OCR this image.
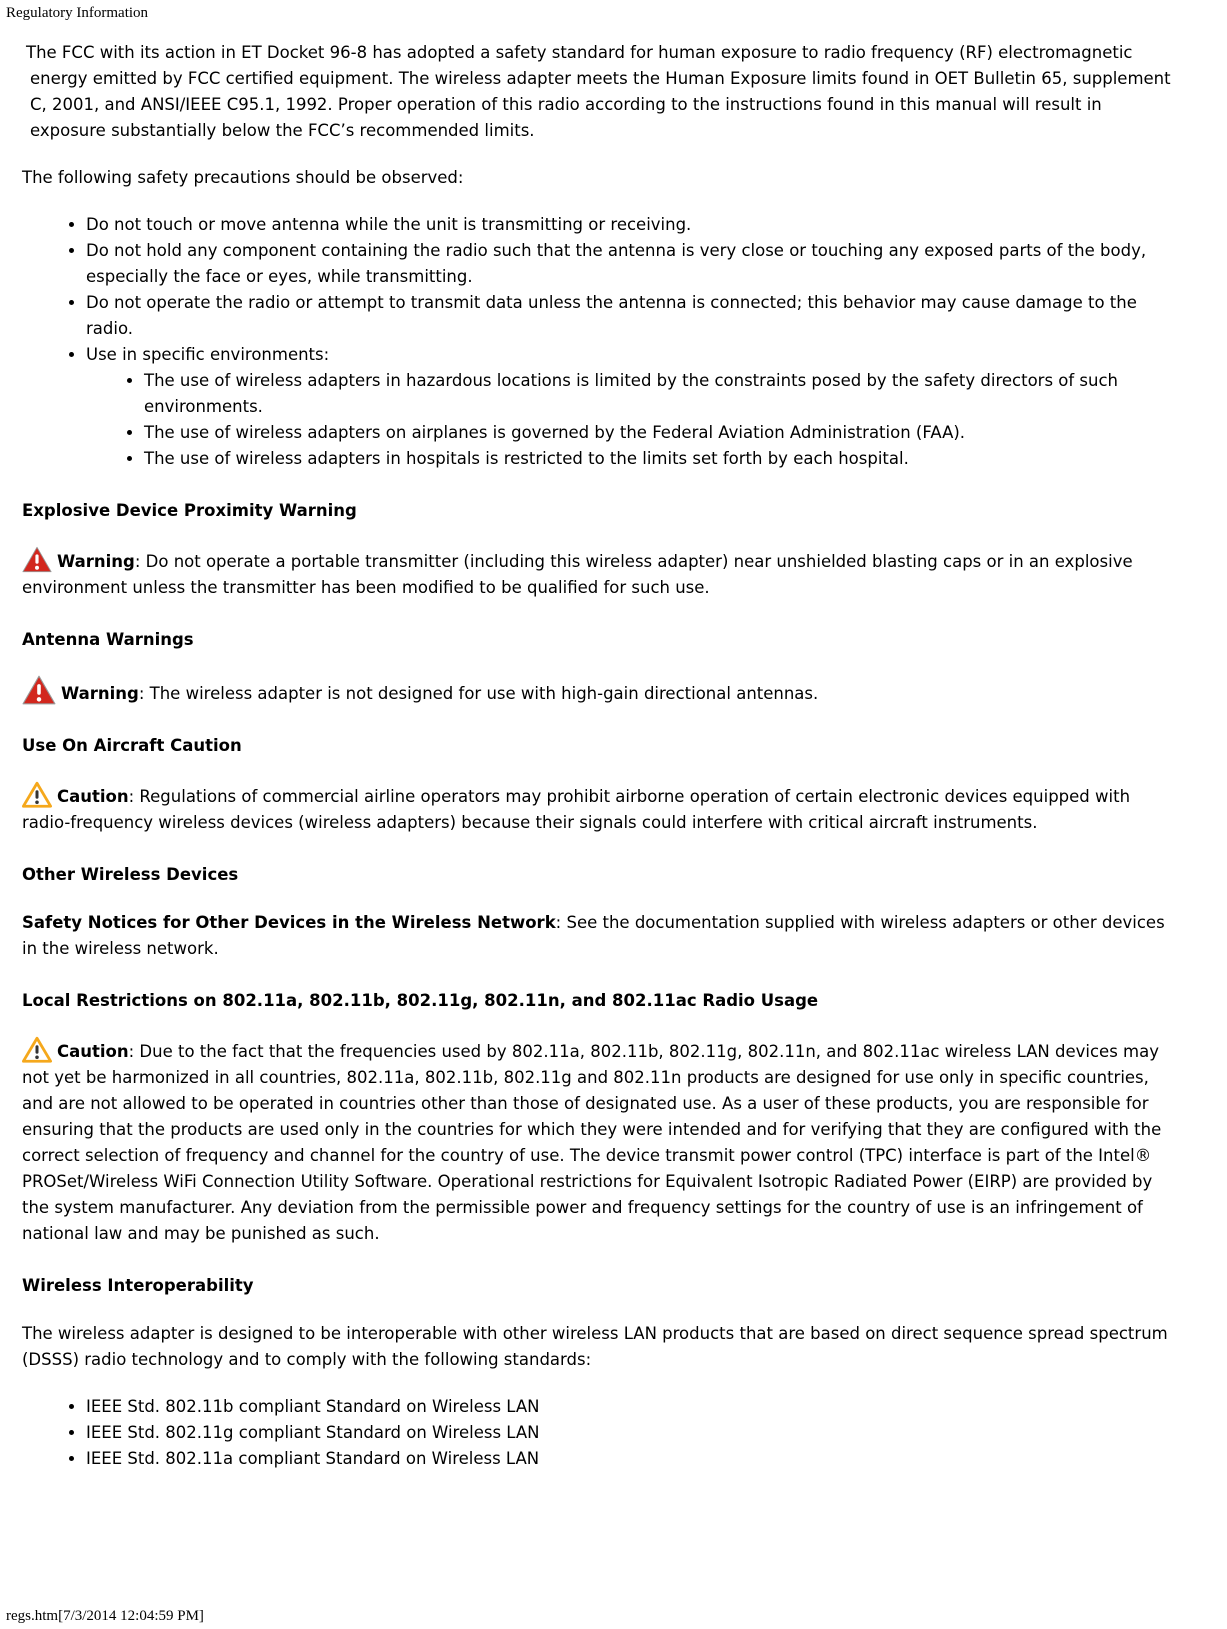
Regulatory Information

The FCC with its action in ET Docket 96-8 has adopted a safety standard for human exposure to radio frequency (RF) electromagnetic energy emitted by FCC certified equipment. The wireless adapter meets the Human Exposure limits found in OET Bulletin 65, supplement C, 2001, and ANSI/IEEE C95.1, 1992. Proper operation of this radio according to the instructions found in this manual will result in exposure substantially below the FCC’s recommended limits.

The following safety precautions should be observed:

• Do not touch or move antenna while the unit is transmitting or receiving.
• Do not hold any component containing the radio such that the antenna is very close or touching any exposed parts of the body, especially the face or eyes, while transmitting.
• Do not operate the radio or attempt to transmit data unless the antenna is connected; this behavior may cause damage to the radio.
• Use in specific environments:
• The use of wireless adapters in hazardous locations is limited by the constraints posed by the safety directors of such environments.
• The use of wireless adapters on airplanes is governed by the Federal Aviation Administration (FAA).
• The use of wireless adapters in hospitals is restricted to the limits set forth by each hospital.
Explosive Device Proximity Warning

Warning: Do not operate a portable transmitter (including this wireless adapter) near unshielded blasting caps or in an explosive environment unless the transmitter has been modified to be qualified for such use.

Antenna Warnings

Warning: The wireless adapter is not designed for use with high-gain directional antennas.

Use On Aircraft Caution

Caution: Regulations of commercial airline operators may prohibit airborne operation of certain electronic devices equipped with radio-frequency wireless devices (wireless adapters) because their signals could interfere with critical aircraft instruments.

Other Wireless Devices

Safety Notices for Other Devices in the Wireless Network: See the documentation supplied with wireless adapters or other devices in the wireless network.

Local Restrictions on 802.11a, 802.11b, 802.11g, 802.11n, and 802.11ac Radio Usage

Caution: Due to the fact that the frequencies used by 802.11a, 802.11b, 802.11g, 802.11n, and 802.11ac wireless LAN devices may not yet be harmonized in all countries, 802.11a, 802.11b, 802.11g and 802.11n products are designed for use only in specific countries, and are not allowed to be operated in countries other than those of designated use. As a user of these products, you are responsible for ensuring that the products are used only in the countries for which they were intended and for verifying that they are configured with the correct selection of frequency and channel for the country of use. The device transmit power control (TPC) interface is part of the Intel® PROSet/Wireless WiFi Connection Utility Software. Operational restrictions for Equivalent Isotropic Radiated Power (EIRP) are provided by the system manufacturer. Any deviation from the permissible power and frequency settings for the country of use is an infringement of national law and may be punished as such.

Wireless Interoperability

The wireless adapter is designed to be interoperable with other wireless LAN products that are based on direct sequence spread spectrum (DSSS) radio technology and to comply with the following standards:

• IEEE Std. 802.11b compliant Standard on Wireless LAN
• IEEE Std. 802.11g compliant Standard on Wireless LAN
• IEEE Std. 802.11a compliant Standard on Wireless LAN
regs.htm[7/3/2014 12:04:59 PM]
